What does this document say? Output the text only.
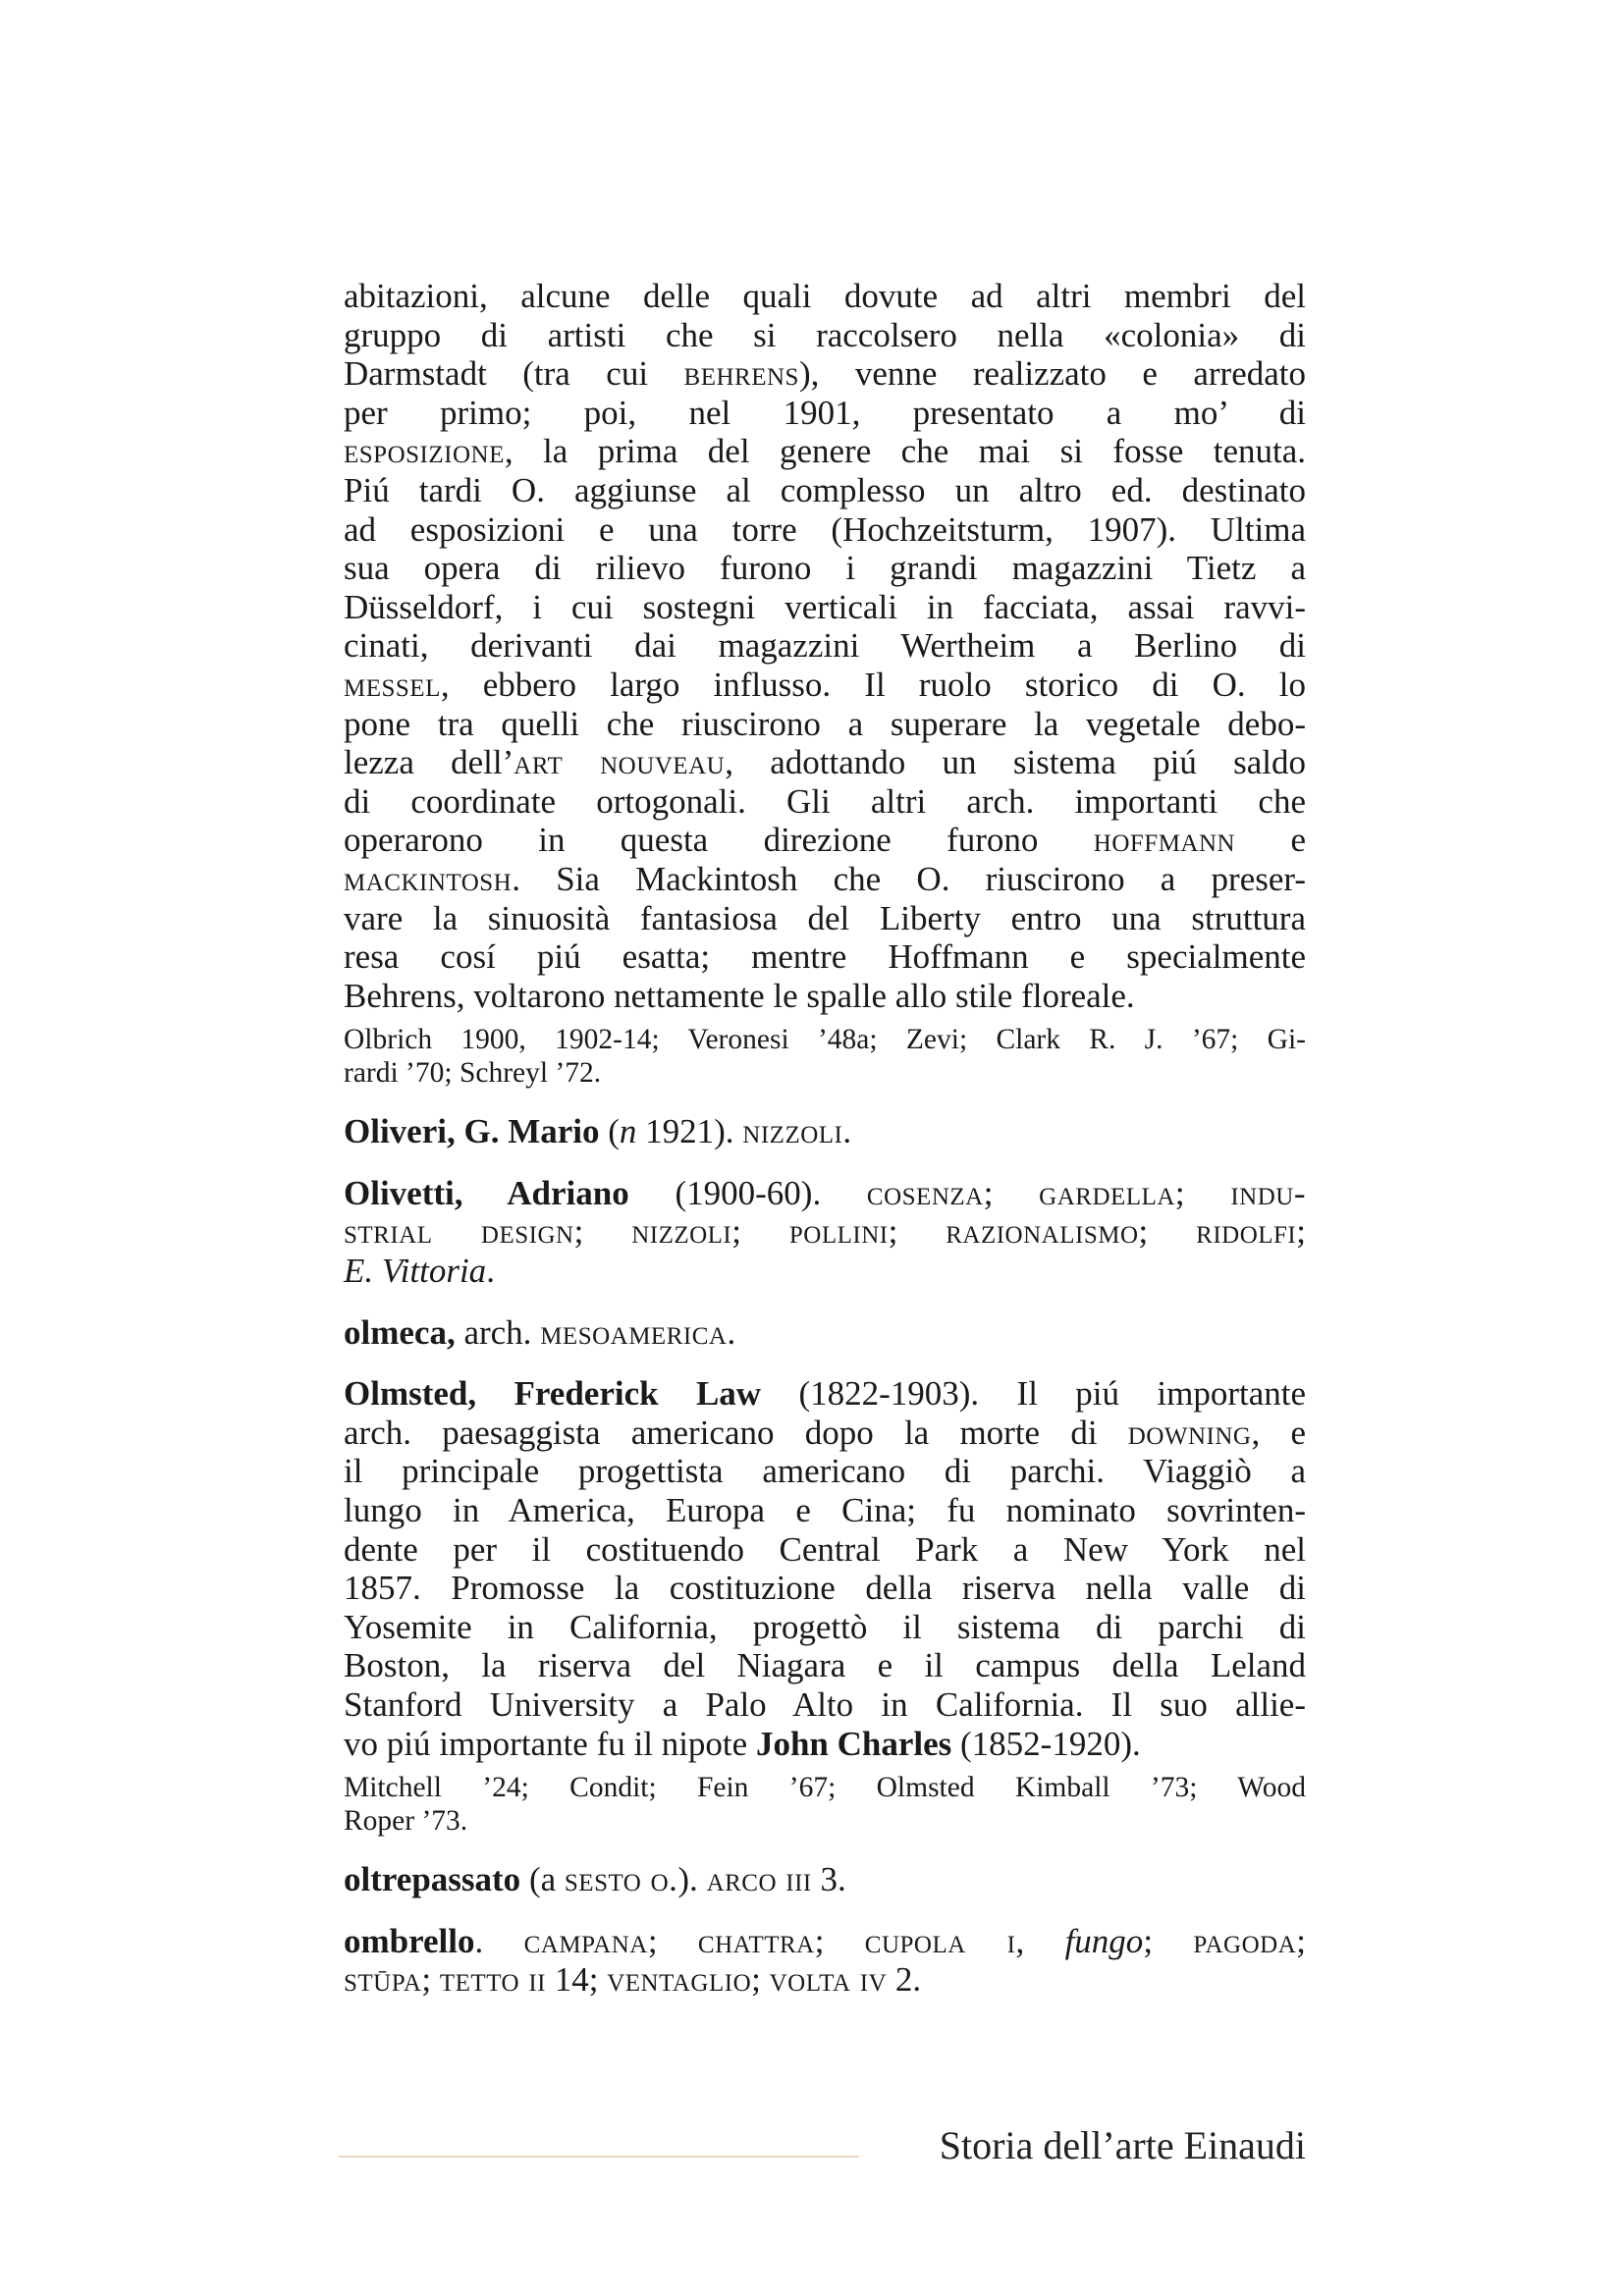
abitazioni, alcune delle quali dovute ad altri membri del
gruppo di artisti che si raccolsero nella «colonia» di
Darmstadt (tra cui behrens), venne realizzato e arredato
per primo; poi, nel 1901, presentato a mo’ di
esposizione, la prima del genere che mai si fosse tenuta.
Piú tardi O. aggiunse al complesso un altro ed. destinato
ad esposizioni e una torre (Hochzeitsturm, 1907). Ultima
sua opera di rilievo furono i grandi magazzini Tietz a
Düsseldorf, i cui sostegni verticali in facciata, assai ravvi-
cinati, derivanti dai magazzini Wertheim a Berlino di
messel, ebbero largo influsso. Il ruolo storico di O. lo
pone tra quelli che riuscirono a superare la vegetale debo-
lezza dell’art nouveau, adottando un sistema piú saldo
di coordinate ortogonali. Gli altri arch. importanti che
operarono in questa direzione furono hoffmann e
mackintosh. Sia Mackintosh che O. riuscirono a preser-
vare la sinuosità fantasiosa del Liberty entro una struttura
resa cosí piú esatta; mentre Hoffmann e specialmente
Behrens, voltarono nettamente le spalle allo stile floreale.
Olbrich 1900, 1902-14; Veronesi ’48a; Zevi; Clark R. J. ’67; Gi-
rardi ’70; Schreyl ’72.
Oliveri, G. Mario (n 1921). nizzoli.
Olivetti, Adriano (1900-60). cosenza; gardella; indu-
strial design; nizzoli; pollini; razionalismo; ridolfi;
E. Vittoria.
olmeca, arch. mesoamerica.
Olmsted, Frederick Law (1822-1903). Il piú importante
arch. paesaggista americano dopo la morte di downing, e
il principale progettista americano di parchi. Viaggiò a
lungo in America, Europa e Cina; fu nominato sovrinten-
dente per il costituendo Central Park a New York nel
1857. Promosse la costituzione della riserva nella valle di
Yosemite in California, progettò il sistema di parchi di
Boston, la riserva del Niagara e il campus della Leland
Stanford University a Palo Alto in California. Il suo allie-
vo piú importante fu il nipote John Charles (1852-1920).
Mitchell ’24; Condit; Fein ’67; Olmsted Kimball ’73; Wood
Roper ’73.
oltrepassato (a sesto o.). arco iii 3.
ombrello. campana; chattra; cupola i, fungo; pagoda;
stūpa; tetto ii 14; ventaglio; volta iv 2.
Storia dell’arte Einaudi
